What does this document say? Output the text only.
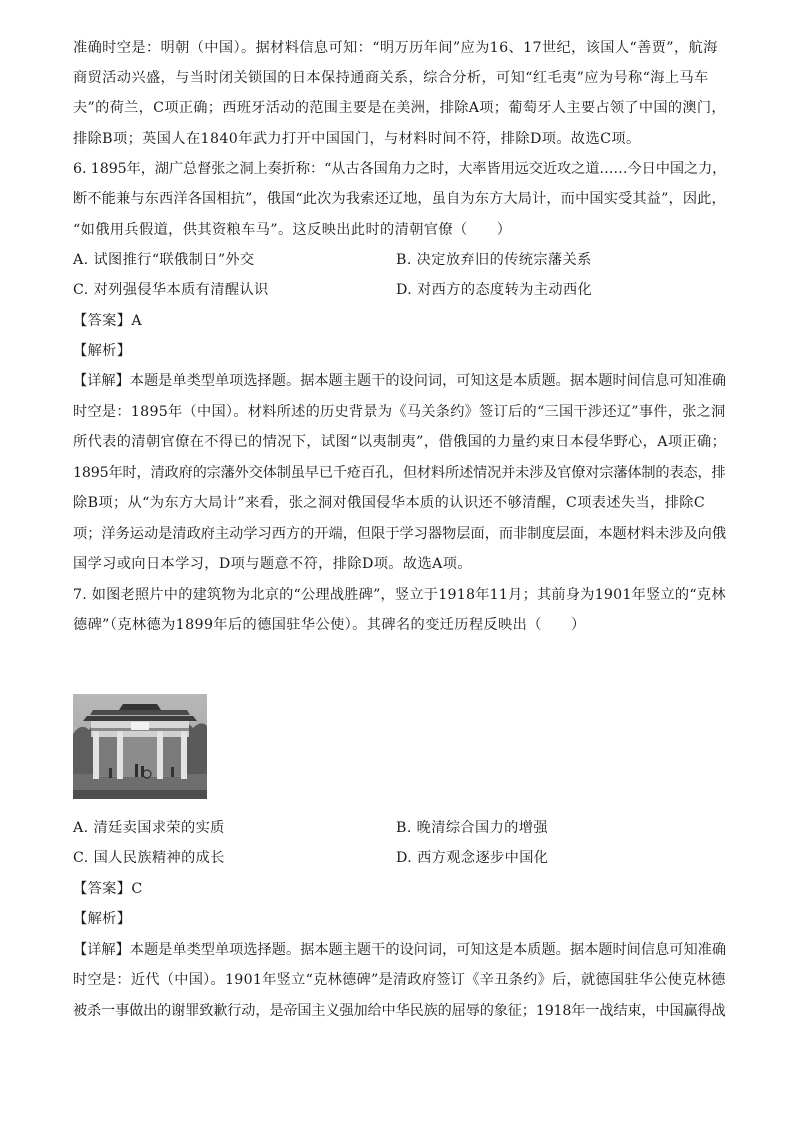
准确时空是：明朝（中国）。据材料信息可知：“明万历年间”应为16、17世纪，该国人“善贾”，航海
商贸活动兴盛，与当时闭关锁国的日本保持通商关系，综合分析，可知“红毛夷”应为号称“海上马车
夫”的荷兰，C项正确；西班牙活动的范围主要是在美洲，排除A项；葡萄牙人主要占领了中国的澳门，
排除B项；英国人在1840年武力打开中国国门，与材料时间不符，排除D项。故选C项。
6. 1895年，湖广总督张之洞上奏折称：“从古各国角力之时，大率皆用远交近攻之道……今日中国之力，
断不能兼与东西洋各国相抗”，俄国“此次为我索还辽地，虽自为东方大局计，而中国实受其益”，因此，
“如俄用兵假道，供其资粮车马”。这反映出此时的清朝官僚（　　）
A. 试图推行“联俄制日”外交	B. 决定放弃旧的传统宗藩关系
C. 对列强侵华本质有清醒认识	D. 对西方的态度转为主动西化
【答案】A
【解析】
【详解】本题是单类型单项选择题。据本题主题干的设问词，可知这是本质题。据本题时间信息可知准确
时空是：1895年（中国）。材料所述的历史背景为《马关条约》签订后的“三国干涉还辽”事件，张之洞
所代表的清朝官僚在不得已的情况下，试图“以夷制夷”，借俄国的力量约束日本侵华野心，A项正确；
1895年时，清政府的宗藩外交体制虽早已千疮百孔，但材料所述情况并未涉及官僚对宗藩体制的表态，排
除B项；从“为东方大局计”来看，张之洞对俄国侵华本质的认识还不够清醒，C项表述失当，排除C
项；洋务运动是清政府主动学习西方的开端，但限于学习器物层面，而非制度层面，本题材料未涉及向俄
国学习或向日本学习，D项与题意不符，排除D项。故选A项。
7. 如图老照片中的建筑物为北京的“公理战胜碑”，竖立于1918年11月；其前身为1901年竖立的“克林
德碑”（克林德为1899年后的德国驻华公使）。其碑名的变迁历程反映出（　　）
A. 清廷卖国求荣的实质	B. 晚清综合国力的增强
C. 国人民族精神的成长	D. 西方观念逐步中国化
【答案】C
【解析】
【详解】本题是单类型单项选择题。据本题主题干的设问词，可知这是本质题。据本题时间信息可知准确
时空是：近代（中国）。1901年竖立“克林德碑”是清政府签订《辛丑条约》后，就德国驻华公使克林德
被杀一事做出的谢罪致歉行动，是帝国主义强加给中华民族的屈辱的象征；1918年一战结束，中国赢得战
